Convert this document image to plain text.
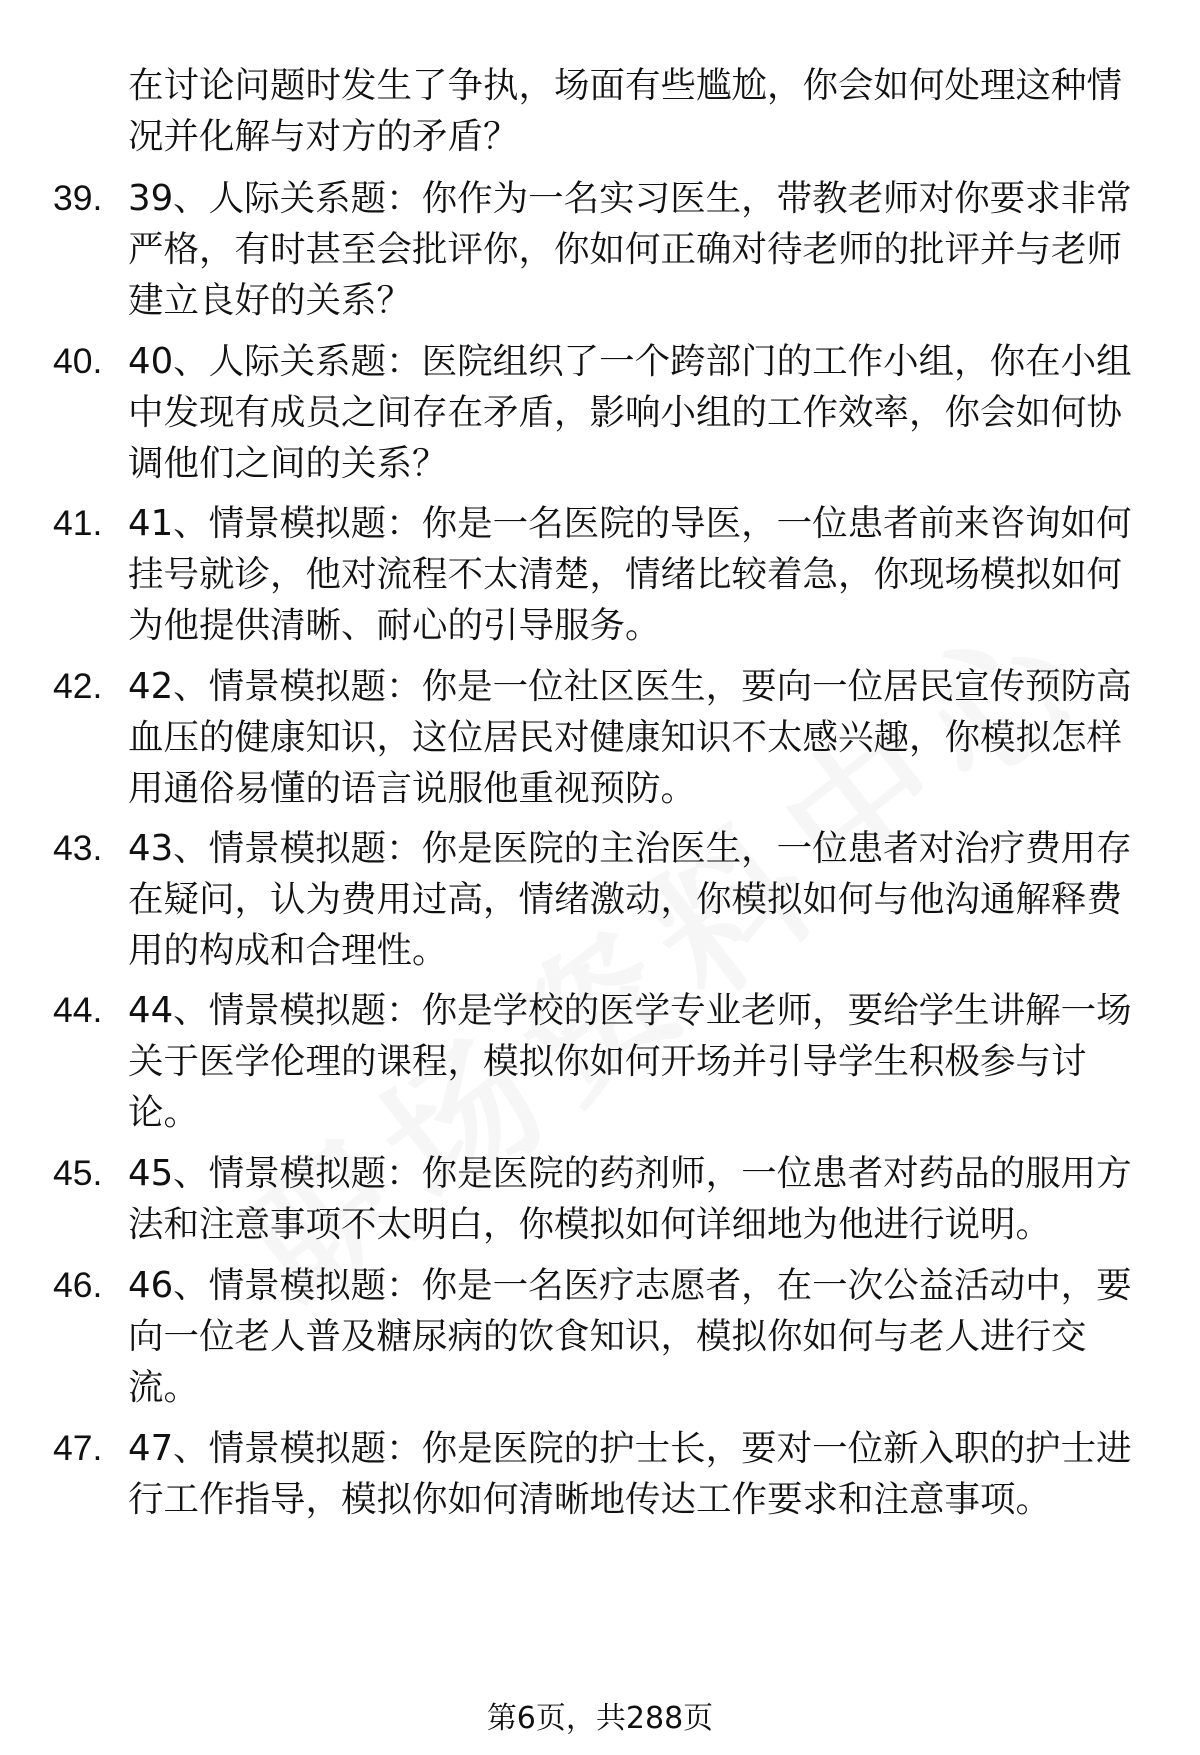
在讨论问题时发生了争执，场面有些尴尬，你会如何处理这种情
况并化解与对方的矛盾？
39. 39、人际关系题：你作为一名实习医生，带教老师对你要求非常
严格，有时甚至会批评你，你如何正确对待老师的批评并与老师
建立良好的关系？
40. 40、人际关系题：医院组织了一个跨部门的工作小组，你在小组
中发现有成员之间存在矛盾，影响小组的工作效率，你会如何协
调他们之间的关系？
41. 41、情景模拟题：你是一名医院的导医，一位患者前来咨询如何
挂号就诊，他对流程不太清楚，情绪比较着急，你现场模拟如何
为他提供清晰、耐心的引导服务。
42. 42、情景模拟题：你是一位社区医生，要向一位居民宣传预防高
血压的健康知识，这位居民对健康知识不太感兴趣，你模拟怎样
用通俗易懂的语言说服他重视预防。
43. 43、情景模拟题：你是医院的主治医生，一位患者对治疗费用存
在疑问，认为费用过高，情绪激动，你模拟如何与他沟通解释费
用的构成和合理性。
44. 44、情景模拟题：你是学校的医学专业老师，要给学生讲解一场
关于医学伦理的课程，模拟你如何开场并引导学生积极参与讨
论。
45. 45、情景模拟题：你是医院的药剂师，一位患者对药品的服用方
法和注意事项不太明白，你模拟如何详细地为他进行说明。
46. 46、情景模拟题：你是一名医疗志愿者，在一次公益活动中，要
向一位老人普及糖尿病的饮食知识，模拟你如何与老人进行交
流。
47. 47、情景模拟题：你是医院的护士长，要对一位新入职的护士进
行工作指导，模拟你如何清晰地传达工作要求和注意事项。
第6页，共288页
